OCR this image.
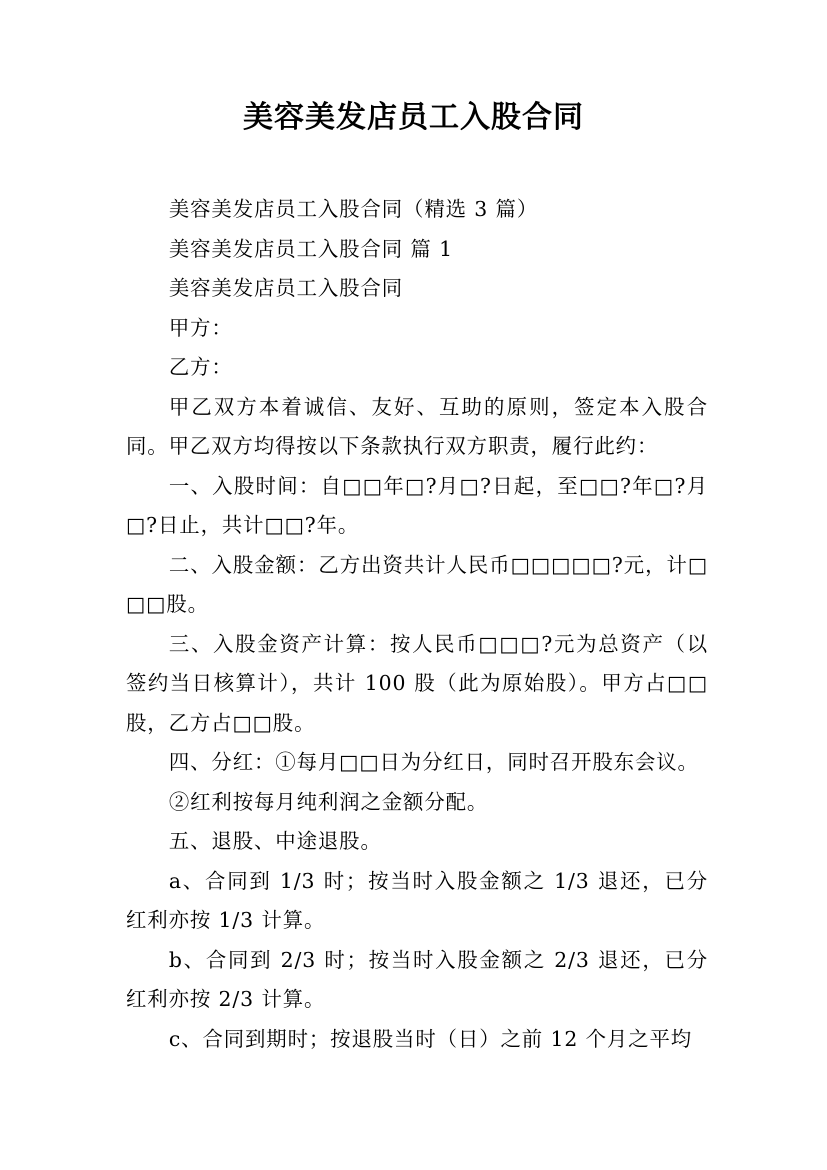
美容美发店员工入股合同

美容美发店员工入股合同（精选 3 篇）

美容美发店员工入股合同 篇 1

美容美发店员工入股合同

甲方：

乙方：

甲乙双方本着诚信、友好、互助的原则，签定本入股合同。甲乙双方均得按以下条款执行双方职责，履行此约：

一、入股时间：自□□年□?月□?日起，至□□?年□?月□?日止，共计□□?年。

二、入股金额：乙方出资共计人民币□□□□□?元，计□□□股。

三、入股金资产计算：按人民币□□□?元为总资产（以签约当日核算计），共计 100 股（此为原始股）。甲方占□□股，乙方占□□股。

四、分红：①每月□□日为分红日，同时召开股东会议。

②红利按每月纯利润之金额分配。

五、退股、中途退股。

a、合同到 1/3 时；按当时入股金额之 1/3 退还，已分红利亦按 1/3 计算。

b、合同到 2/3 时；按当时入股金额之 2/3 退还，已分红利亦按 2/3 计算。

c、合同到期时；按退股当时（日）之前 12 个月之平均
